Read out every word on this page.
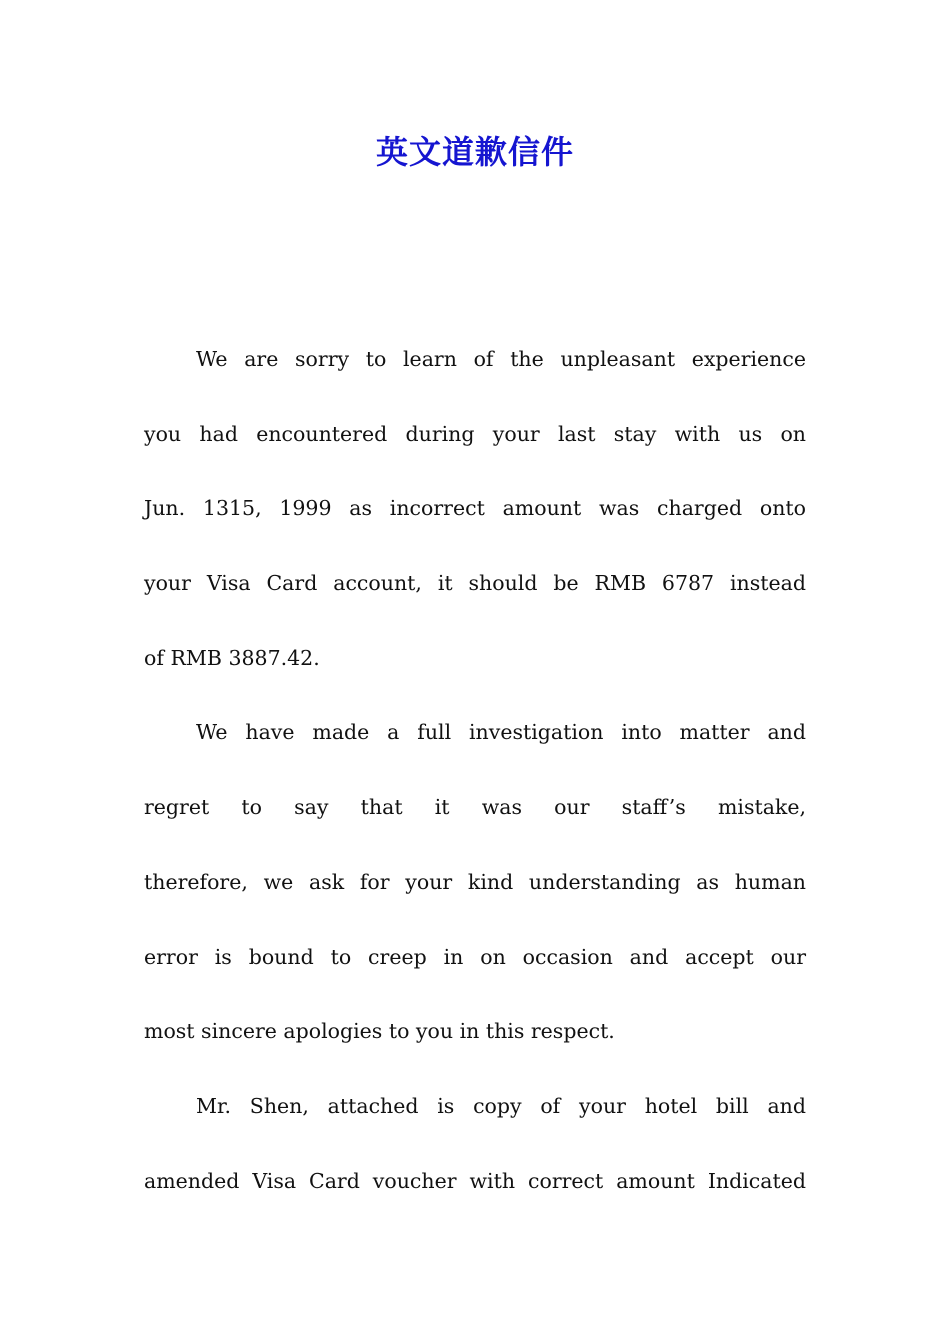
英文道歉信件
We are sorry to learn of the unpleasant experience
you had encountered during your last stay with us on
Jun. 1315, 1999 as incorrect amount was charged onto
your Visa Card account, it should be RMB 6787 instead
of RMB 3887.42.
We have made a full investigation into matter and
regret to say that it was our staff’s mistake,
therefore, we ask for your kind understanding as human
error is bound to creep in on occasion and accept our
most sincere apologies to you in this respect.
Mr. Shen, attached is copy of your hotel bill and
amended Visa Card voucher with correct amount Indicated
